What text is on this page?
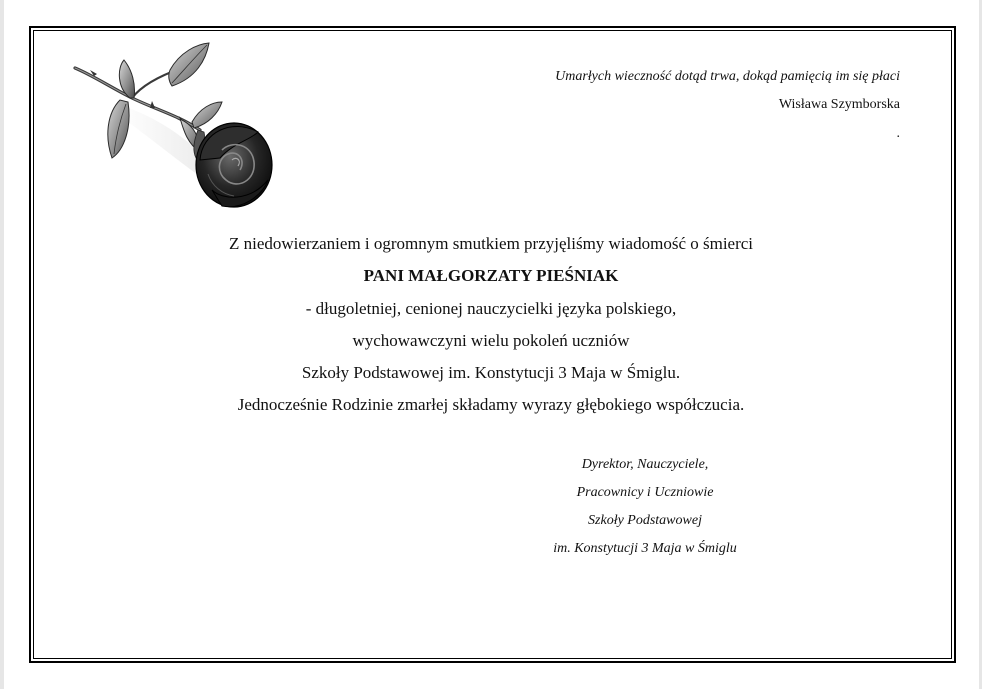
Umarłych wieczność dotąd trwa, dokąd pamięcią im się płaci
Wisława Szymborska
.
Z niedowierzaniem i ogromnym smutkiem przyjęliśmy wiadomość o śmierci
PANI MAŁGORZATY PIEŚNIAK
- długoletniej, cenionej nauczycielki języka polskiego,
wychowawczyni wielu pokoleń uczniów
Szkoły Podstawowej im. Konstytucji 3 Maja w Śmiglu.
Jednocześnie Rodzinie zmarłej składamy wyrazy głębokiego współczucia.
Dyrektor, Nauczyciele,
Pracownicy i Uczniowie
Szkoły Podstawowej
im. Konstytucji 3 Maja w Śmiglu
